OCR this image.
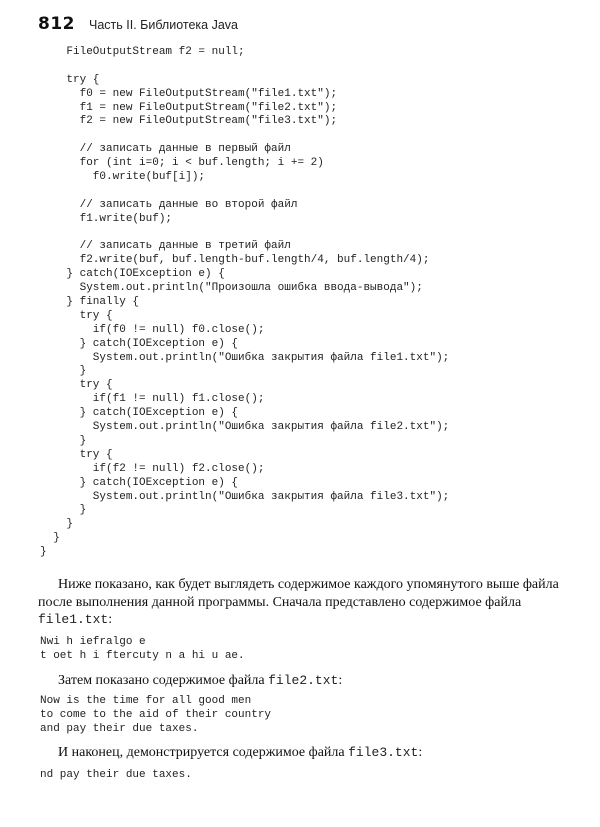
812 Часть II. Библиотека Java
FileOutputStream f2 = null;
try {
f0 = new FileOutputStream("file1.txt");
f1 = new FileOutputStream("file2.txt");
f2 = new FileOutputStream("file3.txt");
// записать данные в первый файл
for (int i=0; i < buf.length; i += 2)
f0.write(buf[i]);
// записать данные во второй файл
f1.write(buf);
// записать данные в третий файл
f2.write(buf, buf.length-buf.length/4, buf.length/4);
} catch(IOException e) {
System.out.println("Произошла ошибка ввода-вывода");
} finally {
try {
if(f0 != null) f0.close();
} catch(IOException e) {
System.out.println("Ошибка закрытия файла file1.txt");
}
try {
if(f1 != null) f1.close();
} catch(IOException e) {
System.out.println("Ошибка закрытия файла file2.txt");
}
try {
if(f2 != null) f2.close();
} catch(IOException e) {
System.out.println("Ошибка закрытия файла file3.txt");
}
}
}
}

Ниже показано, как будет выглядеть содержимое каждого упомянутого выше файла после выполнения данной программы. Сначала представлено содержимое файла file1.txt:

Nwi h iefralgo e
t oet h i ftercuty n a hi u ae.

Затем показано содержимое файла file2.txt:

Now is the time for all good men
to come to the aid of their country
and pay their due taxes.

И наконец, демонстрируется содержимое файла file3.txt:

nd pay their due taxes.
